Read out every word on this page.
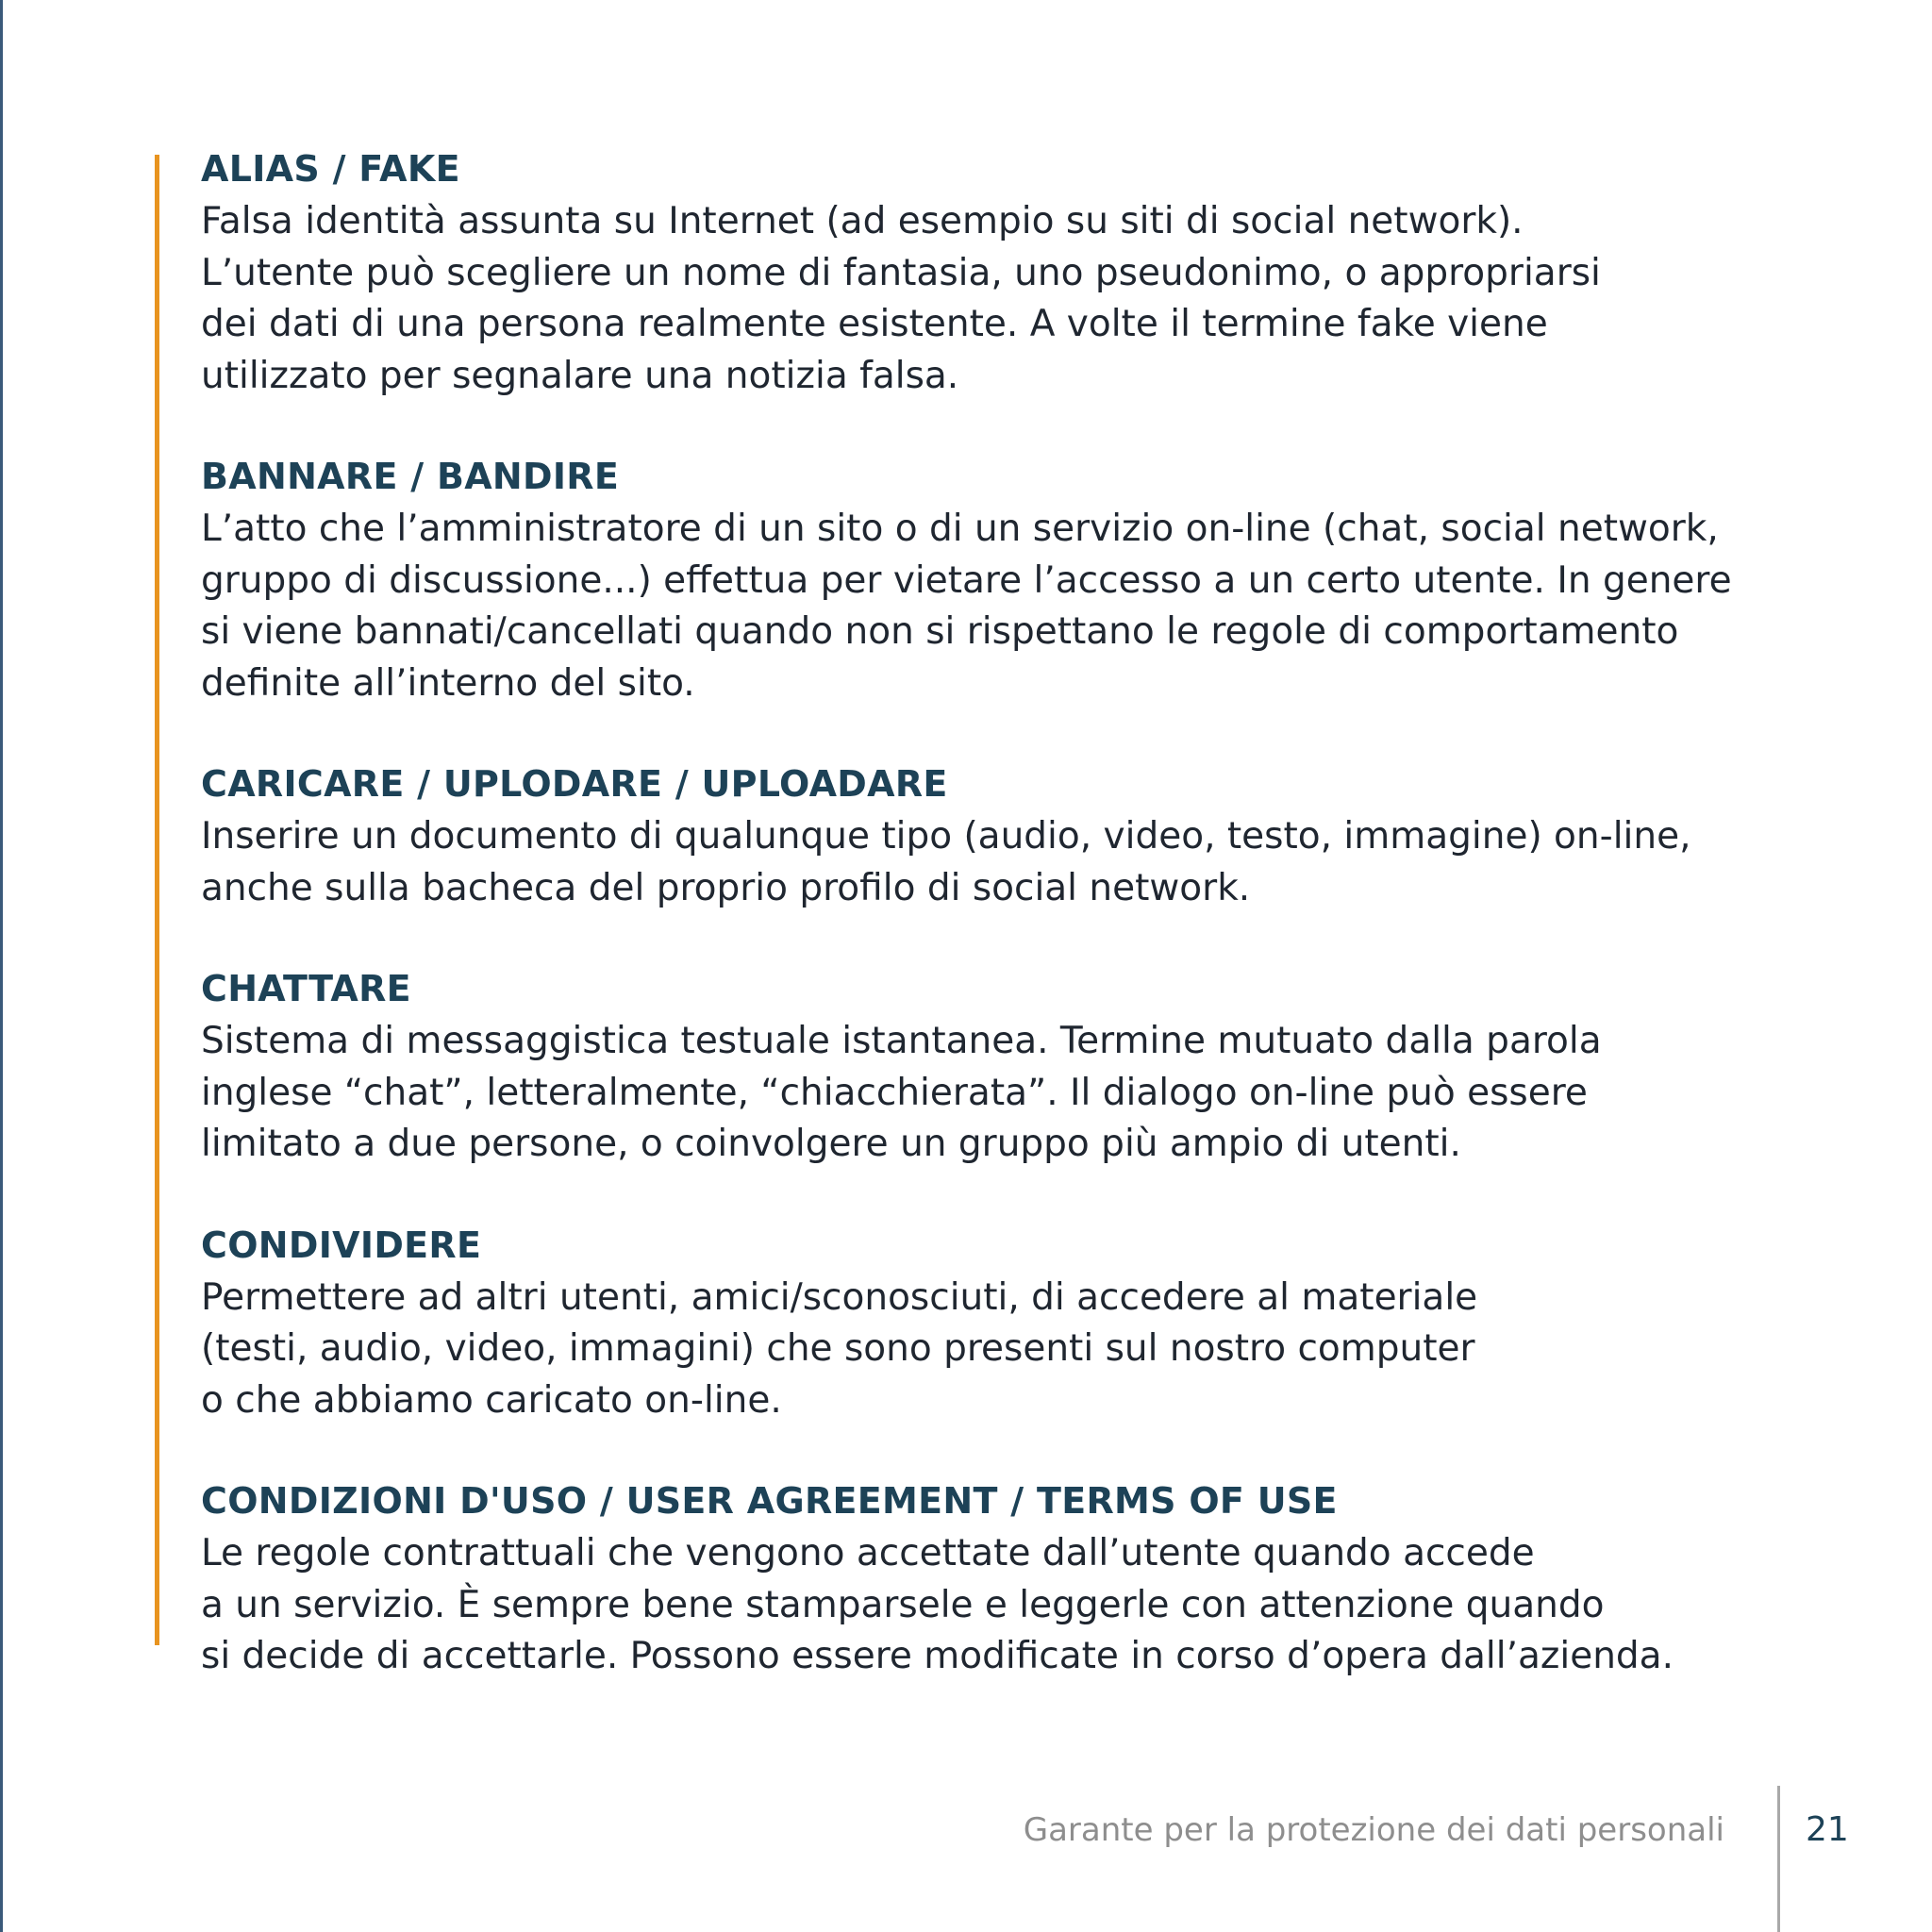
ALIAS / FAKE
Falsa identità assunta su Internet (ad esempio su siti di social network).
L’utente può scegliere un nome di fantasia, uno pseudonimo, o appropriarsi
dei dati di una persona realmente esistente. A volte il termine fake viene
utilizzato per segnalare una notizia falsa.
BANNARE / BANDIRE
L’atto che l’amministratore di un sito o di un servizio on-line (chat, social network,
gruppo di discussione...) effettua per vietare l’accesso a un certo utente. In genere
si viene bannati/cancellati quando non si rispettano le regole di comportamento
definite all’interno del sito.
CARICARE / UPLODARE / UPLOADARE
Inserire un documento di qualunque tipo (audio, video, testo, immagine) on-line,
anche sulla bacheca del proprio profilo di social network.
CHATTARE
Sistema di messaggistica testuale istantanea. Termine mutuato dalla parola
inglese “chat”, letteralmente, “chiacchierata”. Il dialogo on-line può essere
limitato a due persone, o coinvolgere un gruppo più ampio di utenti.
CONDIVIDERE
Permettere ad altri utenti, amici/sconosciuti, di accedere al materiale
(testi, audio, video, immagini) che sono presenti sul nostro computer
o che abbiamo caricato on-line.
CONDIZIONI D'USO / USER AGREEMENT / TERMS OF USE
Le regole contrattuali che vengono accettate dall’utente quando accede
a un servizio. È sempre bene stamparsele e leggerle con attenzione quando
si decide di accettarle. Possono essere modificate in corso d’opera dall’azienda.
Garante per la protezione dei dati personali 21
